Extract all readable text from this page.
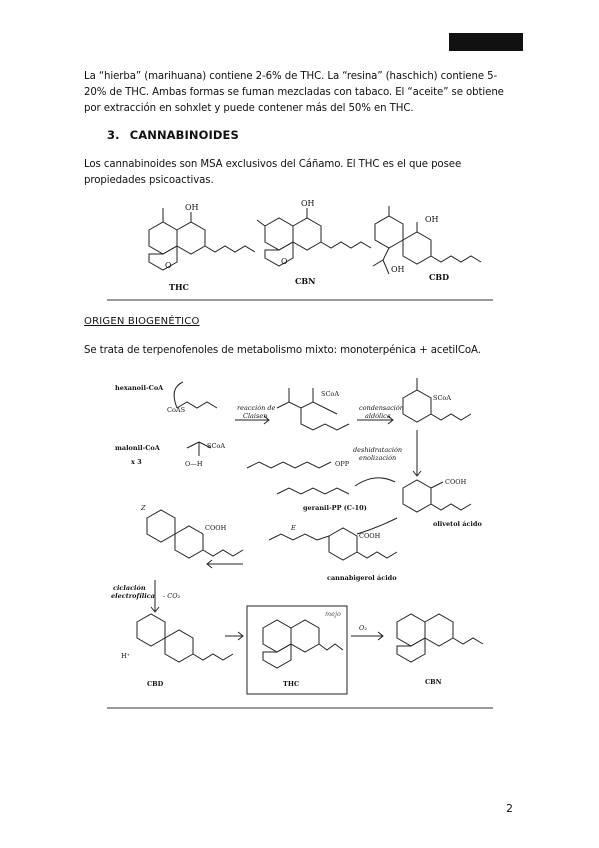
La “hierba” (marihuana) contiene 2-6% de THC. La “resina” (haschich) contiene 5-20% de THC. Ambas formas se fuman mezcladas con tabaco. El “aceite” se obtiene por extracción en sohxlet y puede contener más del 50% en THC.
3. CANNABINOIDES
Los cannabinoides son MSA exclusivos del Cáñamo. El THC es el que posee propiedades psicoactivas.
OH
O
THC
OH
O
CBN
OH
OH
CBD
ORIGEN BIOGENÉTICO
Se trata de terpenofenoles de metabolismo mixto: monoterpénica + acetilCoA.
hexanoil-CoA
CoAS
malonil-CoA
x 3
SCoA
O—H
reacción de
Claisen
SCoA
condensación
aldólica
SCoA
deshidratación
enolización
OPP
geranil-PP (C-10)
COOH
olivetol ácido
E
COOH
cannabigerol ácido
Z
COOH
ciclación
electrofílica - CO₂
H⁺
CBD
mejo
THC
O₂
CBN
2
